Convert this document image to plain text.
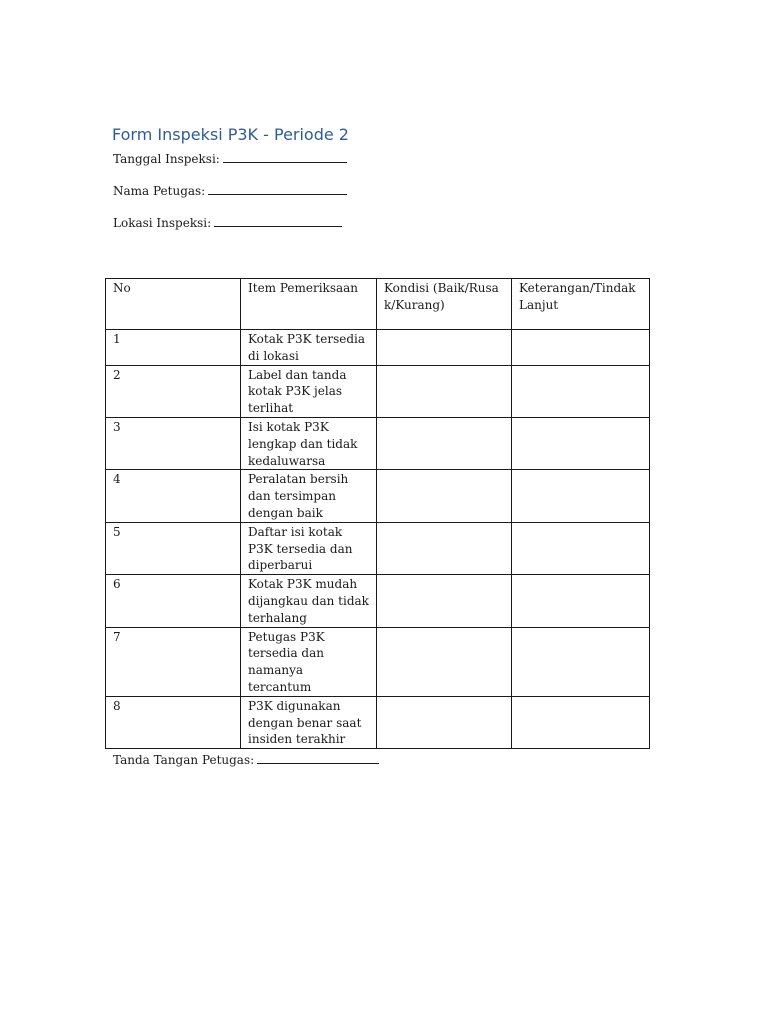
Form Inspeksi P3K - Periode 2
Tanggal Inspeksi:
Nama Petugas:
Lokasi Inspeksi:
No	Item Pemeriksaan	Kondisi (Baik/Rusak/Kurang)	Keterangan/Tindak Lanjut
1	Kotak P3K tersedia di lokasi		
2	Label dan tanda kotak P3K jelas terlihat		
3	Isi kotak P3K lengkap dan tidak kedaluwarsa		
4	Peralatan bersih dan tersimpan dengan baik		
5	Daftar isi kotak P3K tersedia dan diperbarui		
6	Kotak P3K mudah dijangkau dan tidak terhalang		
7	Petugas P3K tersedia dan namanya tercantum		
8	P3K digunakan dengan benar saat insiden terakhir		
Tanda Tangan Petugas:
